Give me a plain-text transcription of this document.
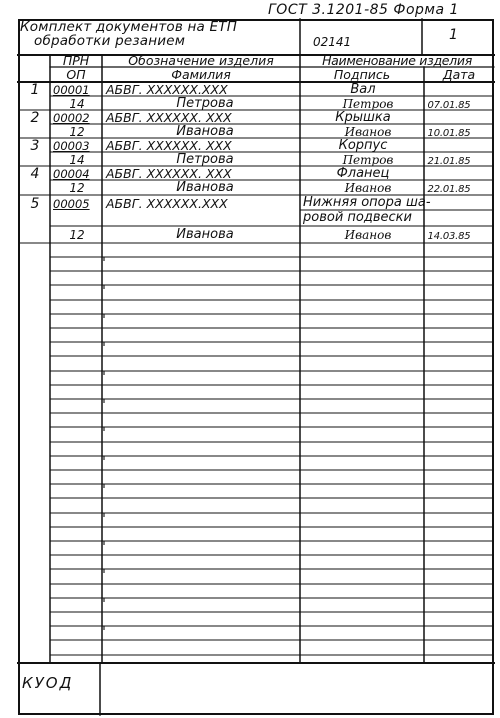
ГОСТ 3.1201-85 Форма 1
Комплект документов на ЕТП
обработки резанием	02141	1
ПРН
ОП
Обозначение изделия
Фамилия
Наименование изделия
Подпись	Дата
1	00001 АБВГ. XXXXXX.XXX	Вал
14	Петрова	Петров	07.01.85
2	00002 АБВГ. XXXXXX. XXX	Крышка
12	Иванова	Иванов	10.01.85
3	00003 АБВГ. XXXXXX. XXX	Корпус
14	Петрова	Петров	21.01.85
4	00004 АБВГ. XXXXXX. XXX	Фланец
12	Иванова	Иванов	22.01.85
5	00005 АБВГ. XXXXXX.XXX	Нижняя опора ша-
ровой подвески
12	Иванова	Иванов	14.03.85
КУОД
